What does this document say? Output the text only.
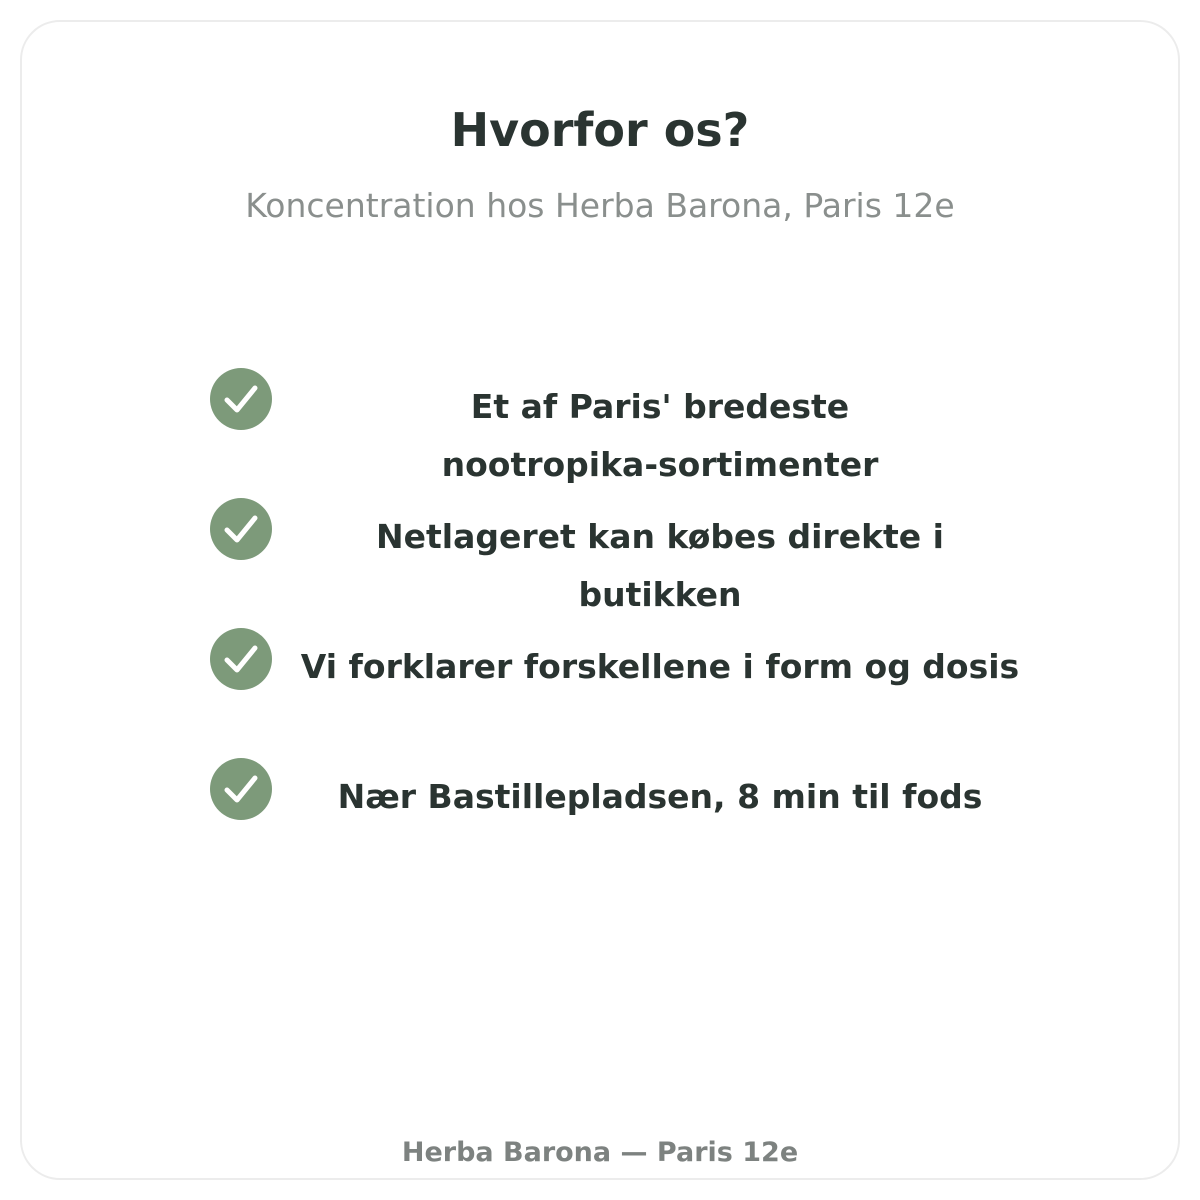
Hvorfor os?
Koncentration hos Herba Barona, Paris 12e
Et af Paris' bredeste
nootropika-sortimenter
Netlageret kan købes direkte i butikken
Vi forklarer forskellene i form og dosis
Nær Bastillepladsen, 8 min til fods
Herba Barona — Paris 12e
